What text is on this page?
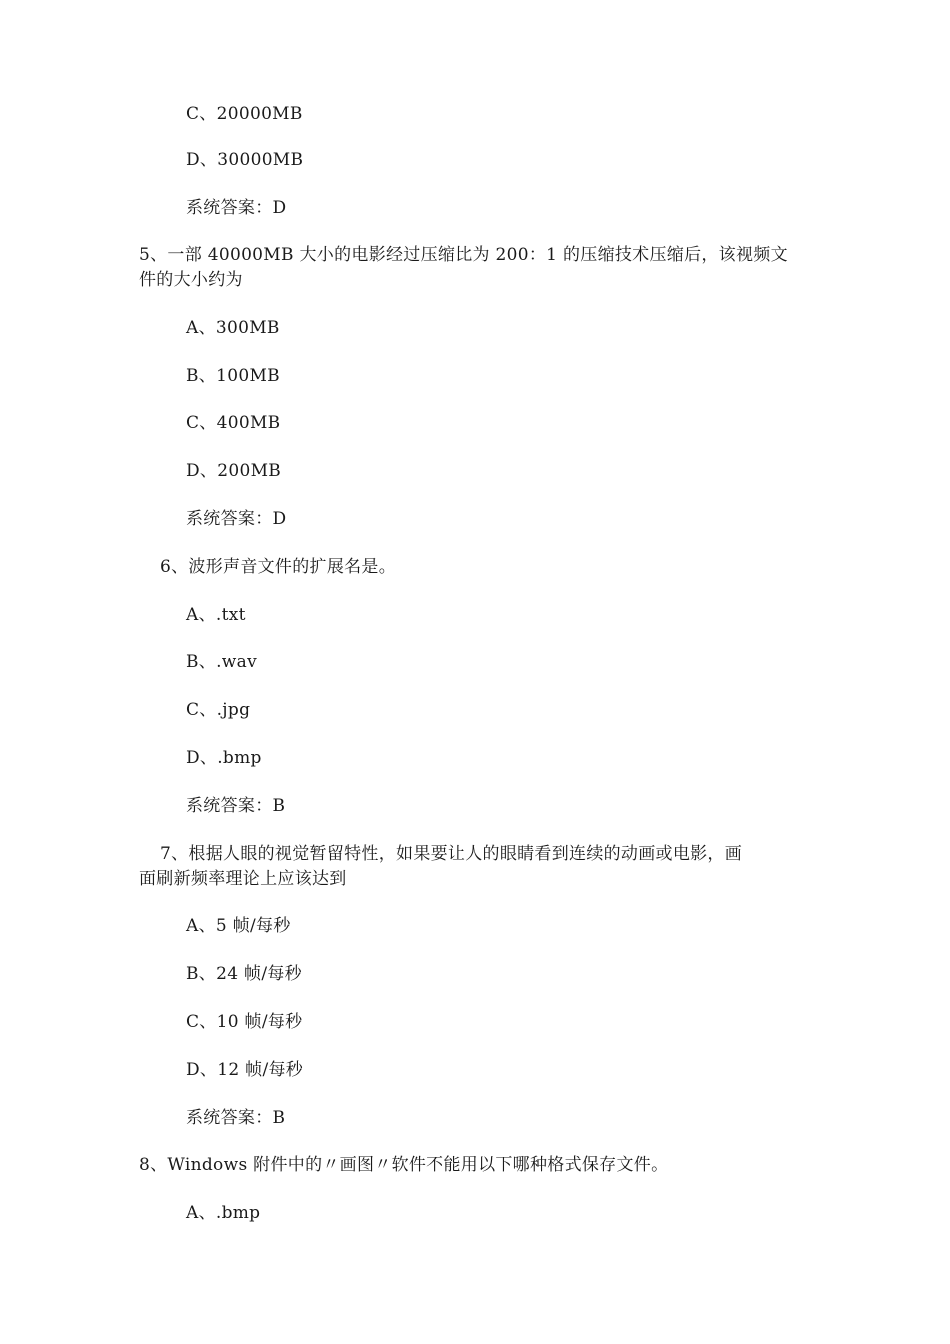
C、20000MB
D、30000MB
系统答案：D
5、一部 40000MB 大小的电影经过压缩比为 200：1 的压缩技术压缩后，该视频文
件的大小约为
A、300MB
B、100MB
C、400MB
D、200MB
系统答案：D
6、波形声音文件的扩展名是。
A、.txt
B、.wav
C、.jpg
D、.bmp
系统答案：B
7、根据人眼的视觉暂留特性，如果要让人的眼睛看到连续的动画或电影，画
面刷新频率理论上应该达到
A、5 帧/每秒
B、24 帧/每秒
C、10 帧/每秒
D、12 帧/每秒
系统答案：B
8、Windows 附件中的〃画图〃软件不能用以下哪种格式保存文件。
A、.bmp
